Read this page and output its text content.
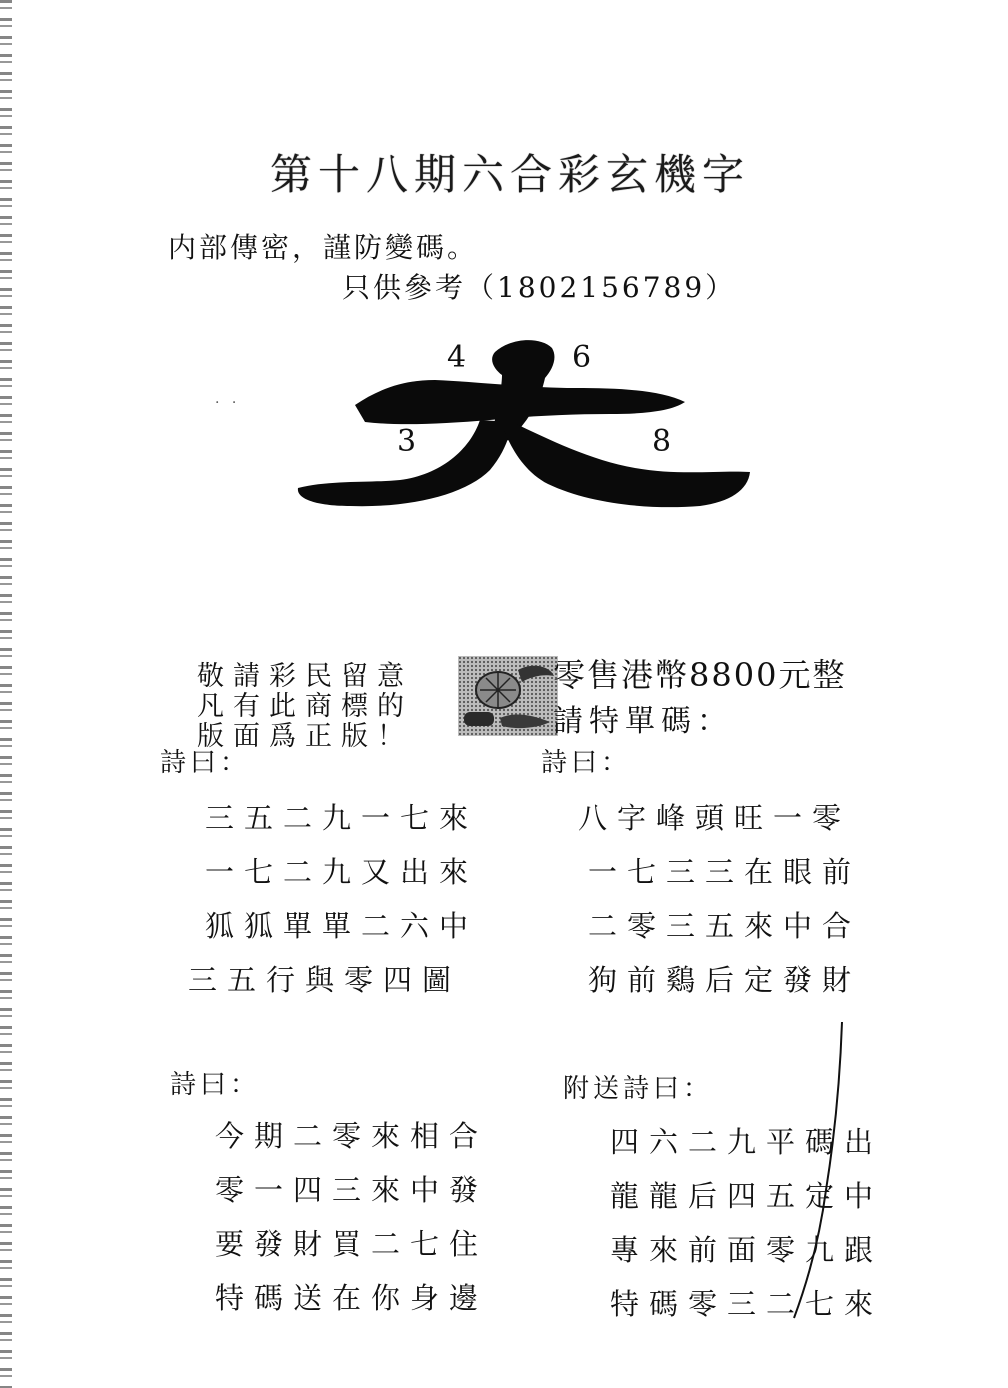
第十八期六合彩玄機字
内部傳密，謹防變碼。
只供參考（1802156789）
· ·
4	6
3	8
敬請彩民留意
凡有此商標的
版面爲正版！
零售港幣8800元整
請特單碼：
詩曰：
三五二九一七來
一七二九又出來
狐狐單單二六中
三五行與零四圖
詩曰：
八字峰頭旺一零
一七三三在眼前
二零三五來中合
狗前鷄后定發財
詩曰：
今期二零來相合
零一四三來中發
要發財買二七住
特碼送在你身邊
附送詩曰：
四六二九平碼出
龍龍后四五定中
專來前面零九跟
特碼零三二七來
